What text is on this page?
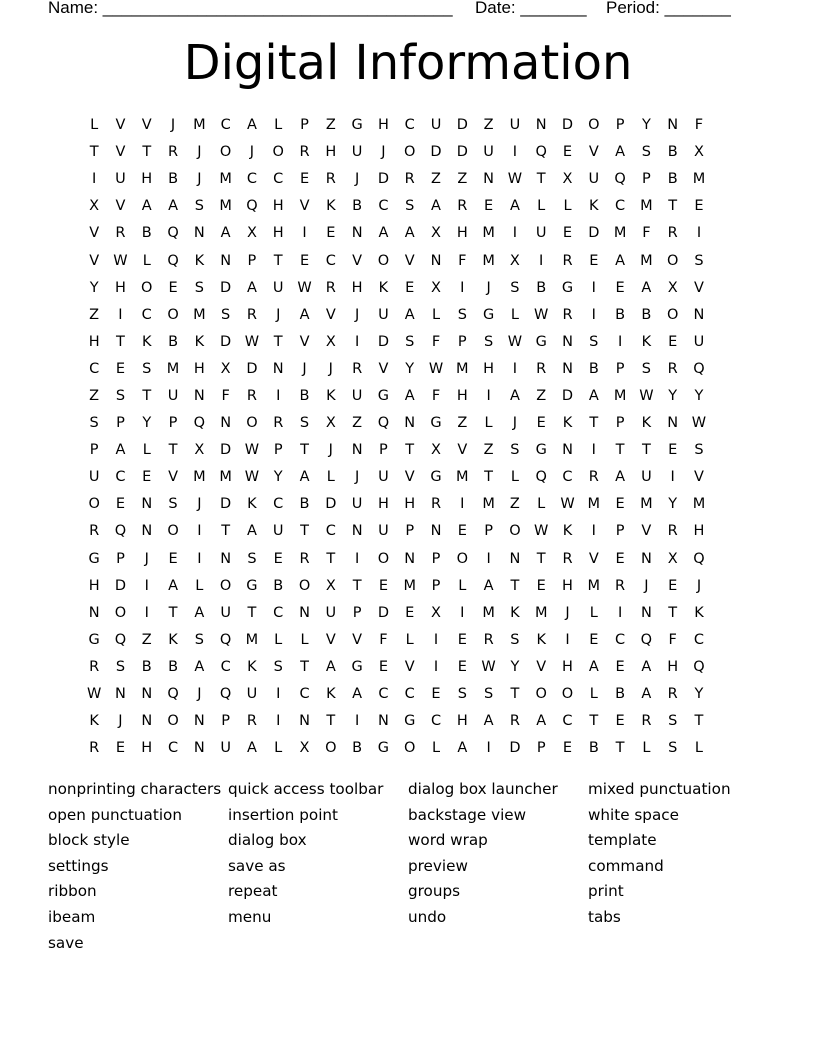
Name: _____________________________________ Date: _______ Period: _______
Digital Information
L	V	V	J	M	C	A	L	P	Z	G	H	C	U	D	Z	U	N	D	O	P	Y	N	F
T	V	T	R	J	O	J	O	R	H	U	J	O	D	D	U	I	Q	E	V	A	S	B	X
I	U	H	B	J	M	C	C	E	R	J	D	R	Z	Z	N W	T	X	U	Q	P	B	M
X	V	A	A	S	M Q	H	V	K	B	C	S	A	R	E	A	L	L	K	C	M	T	E
V	R	B	Q	N	A	X	H	I	E	N	A	A	X	H	M	I	U	E	D M	F	R	I
V W	L	Q	K	N	P	T	E	C	V	O	V	N	F	M	X	I	R	E	A	M O	S
Y	H	O	E	S	D	A	U W R	H	K	E	X	I	J	S	B	G	I	E	A	X	V
Z	I	C	O M	S	R	J	A	V	J	U	A	L	S	G	L	W R	I	B	B	O	N
H	T	K	B	K	D W	T	V	X	I	D	S	F	P	S	W G	N	S	I	K	E	U
C	E	S	M	H	X	D	N	J	J	R	V	Y	W M	H	I	R	N	B	P	S	R	Q
Z	S	T	U	N	F	R	I	B	K	U	G	A	F	H	I	A	Z	D	A	M W	Y	Y
S	P	Y	P	Q	N	O	R	S	X	Z	Q	N	G	Z	L	J	E	K	T	P	K	N W
P	A	L	T	X	D W	P	T	J	N	P	T	X	V	Z	S	G	N	I	T	T	E	S
U	C	E	V	M M W	Y	A	L	J	U	V	G M	T	L	Q	C	R	A	U	I	V
O	E	N	S	J	D	K	C	B	D	U	H	H	R	I	M	Z	L	W M	E	M	Y	M
R	Q	N	O	I	T	A	U	T	C	N	U	P	N	E	P	O W K	I	P	V	R	H
G	P	J	E	I	N	S	E	R	T	I	O	N	P	O	I	N	T	R	V	E	N	X	Q
H	D	I	A	L	O	G	B	O	X	T	E	M	P	L	A	T	E	H	M	R	J	E	J
N	O	I	T	A	U	T	C	N	U	P	D	E	X	I	M	K	M	J	L	I	N	T	K
G	Q	Z	K	S	Q M	L	L	V	V	F	L	I	E	R	S	K	I	E	C	Q	F	C
R	S	B	B	A	C	K	S	T	A	G	E	V	I	E	W	Y	V	H	A	E	A	H	Q
W N	N	Q	J	Q	U	I	C	K	A	C	C	E	S	S	T	O	O	L	B	A	R	Y
K	J	N	O	N	P	R	I	N	T	I	N	G	C	H	A	R	A	C	T	E	R	S	T
R	E	H	C	N	U	A	L	X	O	B	G	O	L	A	I	D	P	E	B	T	L	S	L
nonprinting characters
open punctuation
block style
settings
ribbon
ibeam
save
quick access toolbar
insertion point
dialog box
save as
repeat
menu
dialog box launcher
backstage view
word wrap
preview
groups
undo
mixed punctuation
white space
template
command
print
tabs
